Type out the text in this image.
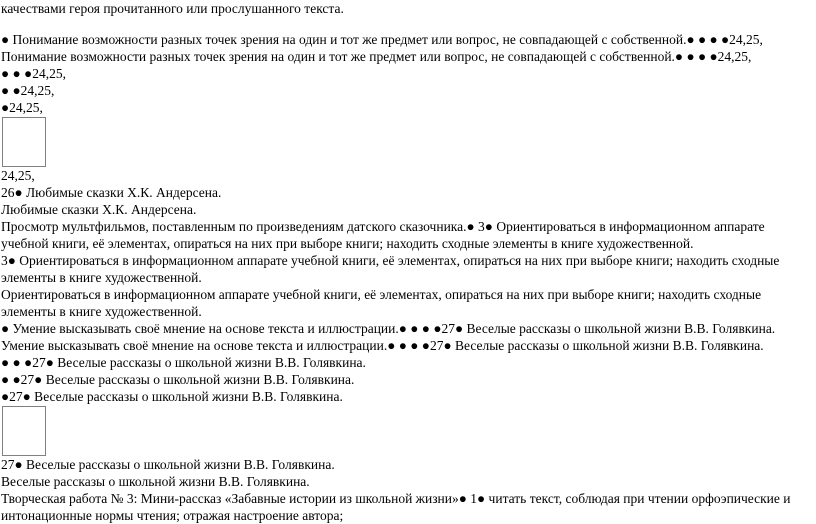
качествами героя прочитанного или прослушанного текста.
● Понимание возможности разных точек зрения на один и тот же предмет или вопрос, не совпадающей с собственной.● ● ● ●24,25,
Понимание возможности разных точек зрения на один и тот же предмет или вопрос, не совпадающей с собственной.● ● ● ●24,25,
● ● ●24,25,
● ●24,25,
●24,25,
24,25,
26● Любимые сказки Х.К. Андерсена.
Любимые сказки Х.К. Андерсена.
Просмотр мультфильмов, поставленным по произведениям датского сказочника.● 3● Ориентироваться в информационном аппарате учебной книги, её элементах, опираться на них при выборе книги; находить сходные элементы в книге художественной.
3● Ориентироваться в информационном аппарате учебной книги, её элементах, опираться на них при выборе книги; находить сходные элементы в книге художественной.
Ориентироваться в информационном аппарате учебной книги, её элементах, опираться на них при выборе книги; находить сходные элементы в книге художественной.
● Умение высказывать своё мнение на основе текста и иллюстрации.● ● ● ●27● Веселые рассказы о школьной жизни В.В. Голявкина.
Умение высказывать своё мнение на основе текста и иллюстрации.● ● ● ●27● Веселые рассказы о школьной жизни В.В. Голявкина.
● ● ●27● Веселые рассказы о школьной жизни В.В. Голявкина.
● ●27● Веселые рассказы о школьной жизни В.В. Голявкина.
●27● Веселые рассказы о школьной жизни В.В. Голявкина.
27● Веселые рассказы о школьной жизни В.В. Голявкина.
Веселые рассказы о школьной жизни В.В. Голявкина.
Творческая работа № 3: Мини-рассказ «Забавные истории из школьной жизни»● 1● читать текст, соблюдая при чтении орфоэпические и интонационные нормы чтения; отражая настроение автора;
